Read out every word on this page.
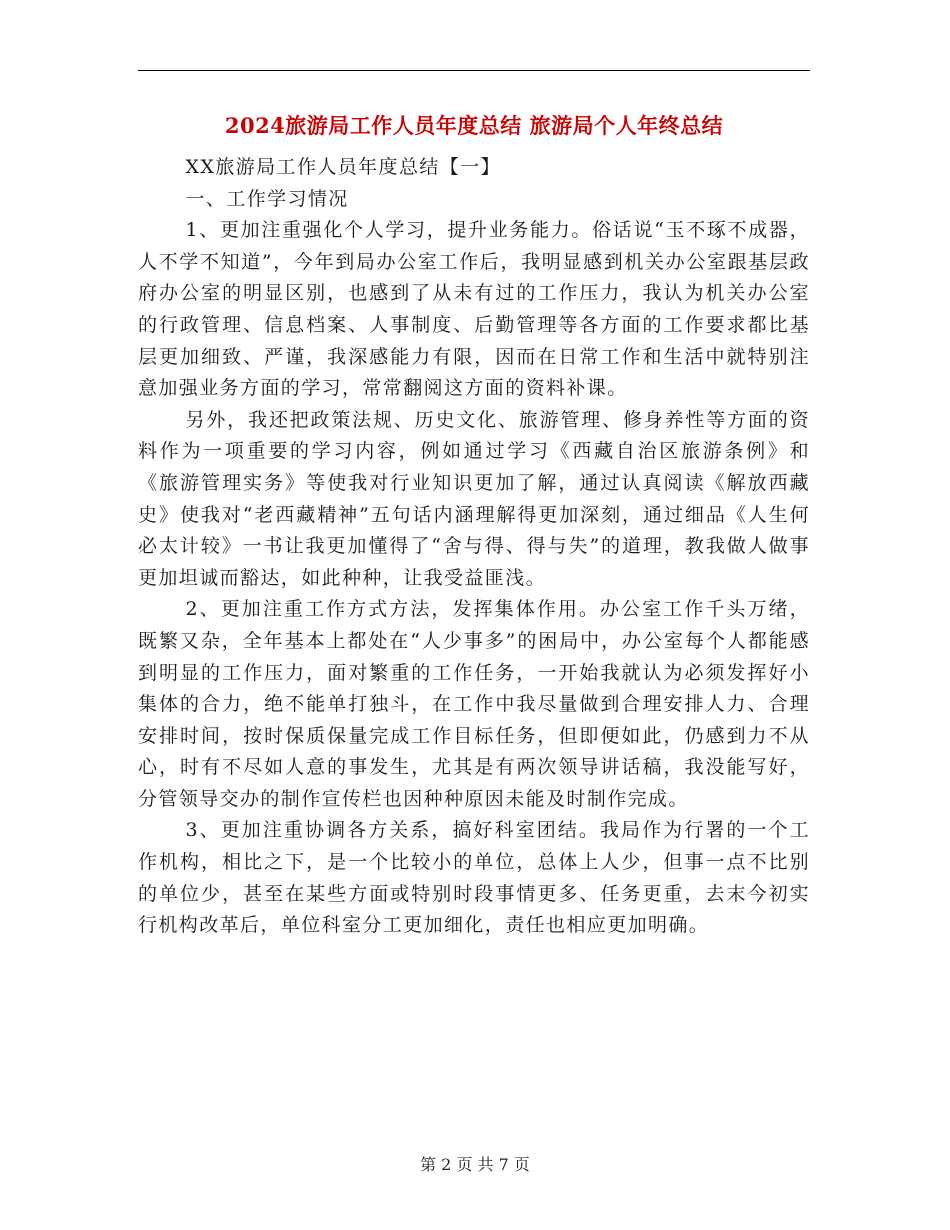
2024旅游局工作人员年度总结 旅游局个人年终总结

XX旅游局工作人员年度总结【一】

一、工作学习情况

1、更加注重强化个人学习，提升业务能力。俗话说“玉不琢不成器，人不学不知道”，今年到局办公室工作后，我明显感到机关办公室跟基层政府办公室的明显区别，也感到了从未有过的工作压力，我认为机关办公室的行政管理、信息档案、人事制度、后勤管理等各方面的工作要求都比基层更加细致、严谨，我深感能力有限，因而在日常工作和生活中就特别注意加强业务方面的学习，常常翻阅这方面的资料补课。

另外，我还把政策法规、历史文化、旅游管理、修身养性等方面的资料作为一项重要的学习内容，例如通过学习《西藏自治区旅游条例》和《旅游管理实务》等使我对行业知识更加了解，通过认真阅读《解放西藏史》使我对“老西藏精神”五句话内涵理解得更加深刻，通过细品《人生何必太计较》一书让我更加懂得了“舍与得、得与失”的道理，教我做人做事更加坦诚而豁达，如此种种，让我受益匪浅。

2、更加注重工作方式方法，发挥集体作用。办公室工作千头万绪，既繁又杂，全年基本上都处在“人少事多”的困局中，办公室每个人都能感到明显的工作压力，面对繁重的工作任务，一开始我就认为必须发挥好小集体的合力，绝不能单打独斗，在工作中我尽量做到合理安排人力、合理安排时间，按时保质保量完成工作目标任务，但即便如此，仍感到力不从心，时有不尽如人意的事发生，尤其是有两次领导讲话稿，我没能写好，分管领导交办的制作宣传栏也因种种原因未能及时制作完成。

3、更加注重协调各方关系，搞好科室团结。我局作为行署的一个工作机构，相比之下，是一个比较小的单位，总体上人少，但事一点不比别的单位少，甚至在某些方面或特别时段事情更多、任务更重，去末今初实行机构改革后，单位科室分工更加细化，责任也相应更加明确。

第 2 页 共 7 页
